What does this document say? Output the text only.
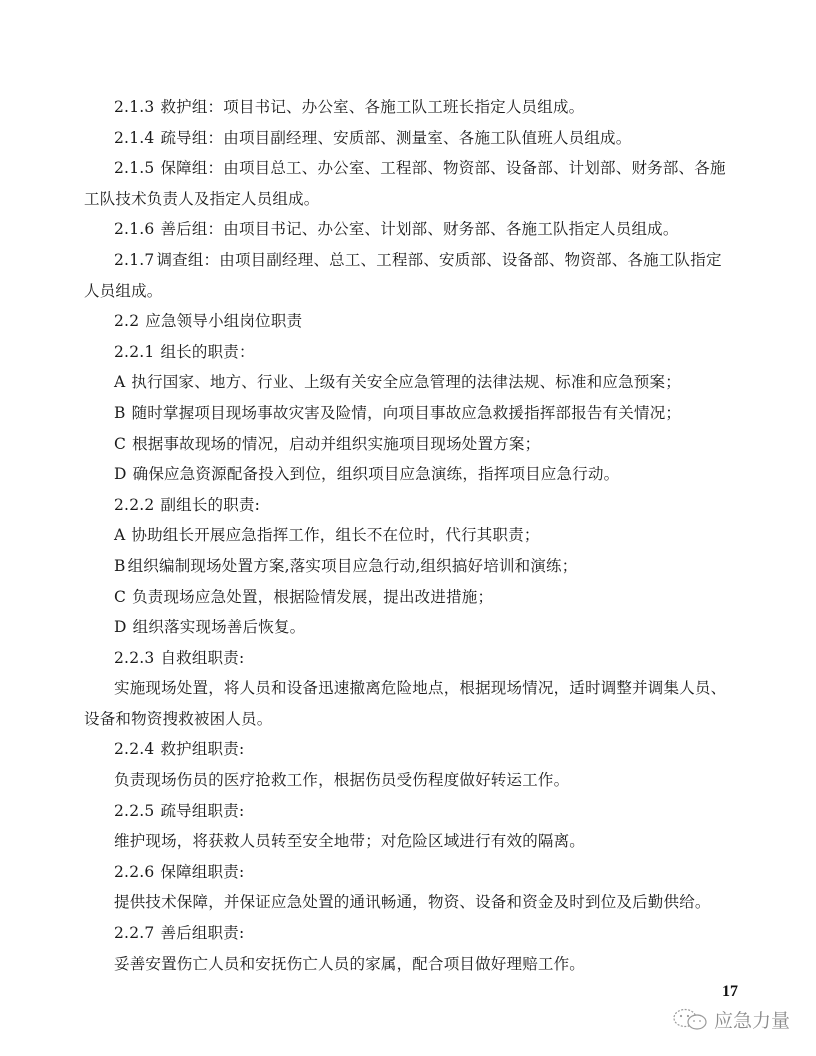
2.1.3 救护组：项目书记、办公室、各施工队工班长指定人员组成。
2.1.4 疏导组：由项目副经理、安质部、测量室、各施工队值班人员组成。
2.1.5 保障组：由项目总工、办公室、工程部、物资部、设备部、计划部、财务部、各施
工队技术负责人及指定人员组成。
2.1.6 善后组：由项目书记、办公室、计划部、财务部、各施工队指定人员组成。
2.1.7 调查组：由项目副经理、总工、工程部、安质部、设备部、物资部、各施工队指定
人员组成。
2.2 应急领导小组岗位职责
2.2.1 组长的职责：
A 执行国家、地方、行业、上级有关安全应急管理的法律法规、标准和应急预案；
B 随时掌握项目现场事故灾害及险情，向项目事故应急救援指挥部报告有关情况；
C 根据事故现场的情况，启动并组织实施项目现场处置方案；
D 确保应急资源配备投入到位，组织项目应急演练，指挥项目应急行动。
2.2.2 副组长的职责:
A 协助组长开展应急指挥工作，组长不在位时，代行其职责；
B 组织编制现场处置方案,落实项目应急行动,组织搞好培训和演练；
C 负责现场应急处置，根据险情发展，提出改进措施；
D 组织落实现场善后恢复。
2.2.3 自救组职责:
实施现场处置，将人员和设备迅速撤离危险地点，根据现场情况，适时调整并调集人员、
设备和物资搜救被困人员。
2.2.4 救护组职责:
负责现场伤员的医疗抢救工作，根据伤员受伤程度做好转运工作。
2.2.5 疏导组职责:
维护现场，将获救人员转至安全地带；对危险区域进行有效的隔离。
2.2.6 保障组职责:
提供技术保障，并保证应急处置的通讯畅通，物资、设备和资金及时到位及后勤供给。
2.2.7 善后组职责:
妥善安置伤亡人员和安抚伤亡人员的家属，配合项目做好理赔工作。
17
应急力量
